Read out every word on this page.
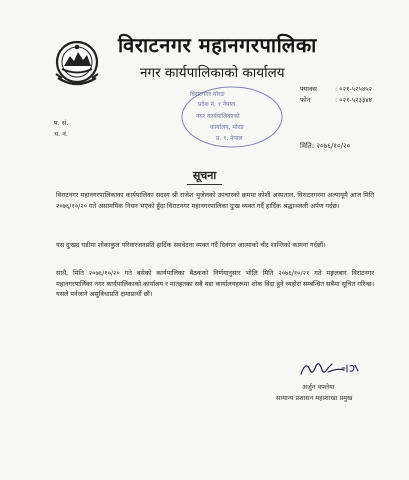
विराटनगर महानगरपालिका
नगर कार्यपालिकाको कार्यालय
फ्याक्स	: ०२१-५२५४५२
फोन	: ०२१-५२३३४४
विराटनगर मोरङ
प्रदेश नं. १ नेपाल
नगर कार्यपालिकाको
कार्यालय, मोरङ
प्र. १, नेपाल
प. सं.
च. नं.
मिति: २०७६/१०/२०
सूचना
विराटनगर महानगरपालिकाका कार्यपालिका सदस्य श्री राजेश भुजेलको उपचारको क्रममा कोशी अस्पताल, विराटनगरमा अल्पायूमै आज मिति २०७६/१०/२० गते असामयिक निधन भएको हुँदा विराटनगर महानगरपालिका दुःख व्यक्त गर्दै हार्दिक श्रद्धाञ्जली अर्पण गर्दछ।
यस दुःखद घडीमा शोकाकुल परिवारजनप्रति हार्दिक समवेदना व्यक्त गर्दै दिवंगत आत्माको चीर शान्तिको कामना गर्दछौं।
साथै, मिति २०७६/१०/२० गते बसेको कार्यपालिका बैठकको निर्णयानुसार भोलि मिति २०७६/१०/२१ गते मङ्गलबार विराटनगर महानगरपालिका नगर कार्यपालिकाको कार्यालय र मातहतका सबै वडा कार्यालयहरूमा शोक विदा हुने व्यहोरा सम्बन्धित सबैमा सूचित गरिन्छ। यसले पर्नजाने असुविधाप्रति क्षमाप्रार्थी छौं।
अर्जुन वफ्लेया
सामान्य प्रशासन महाशाखा प्रमुख
